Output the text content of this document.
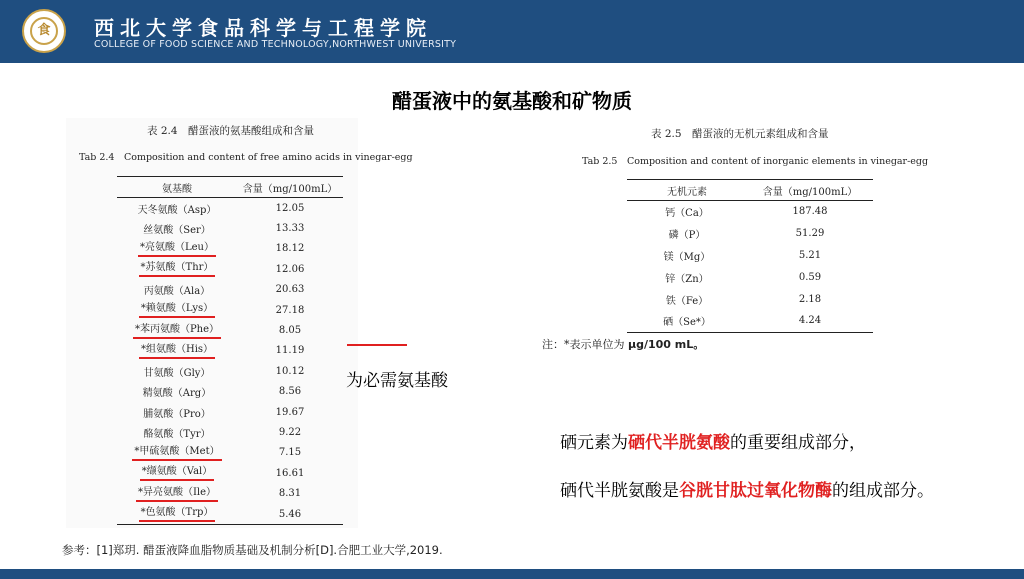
食	西北大学食品科学与工程学院
COLLEGE OF FOOD SCIENCE AND TECHNOLOGY,NORTHWEST UNIVERSITY
醋蛋液中的氨基酸和矿物质
表 2.4　醋蛋液的氨基酸组成和含量
Tab 2.4　Composition and content of free amino acids in vinegar-egg
氨基酸	含量（mg/100mL）
天冬氨酸（Asp）	12.05
丝氨酸（Ser）	13.33
*亮氨酸（Leu）	18.12
*苏氨酸（Thr）	12.06
丙氨酸（Ala）	20.63
*赖氨酸（Lys）	27.18
*苯丙氨酸（Phe）	8.05
*组氨酸（His）	11.19
甘氨酸（Gly）	10.12
精氨酸（Arg）	8.56
脯氨酸（Pro）	19.67
酪氨酸（Tyr）	9.22
*甲硫氨酸（Met）	7.15
*缬氨酸（Val）	16.61
*异亮氨酸（Ile）	8.31
*色氨酸（Trp）	5.46
表 2.5　醋蛋液的无机元素组成和含量
Tab 2.5　Composition and content of inorganic elements in vinegar-egg
无机元素	含量（mg/100mL）
钙（Ca）	187.48
磷（P）	51.29
镁（Mg）	5.21
锌（Zn）	0.59
铁（Fe）	2.18
硒（Se*）	4.24
注：*表示单位为 μg/100 mL。
为必需氨基酸
硒元素为硒代半胱氨酸的重要组成部分，
硒代半胱氨酸是谷胱甘肽过氧化物酶的组成部分。
参考：[1]郑玥. 醋蛋液降血脂物质基础及机制分析[D].合肥工业大学,2019.
